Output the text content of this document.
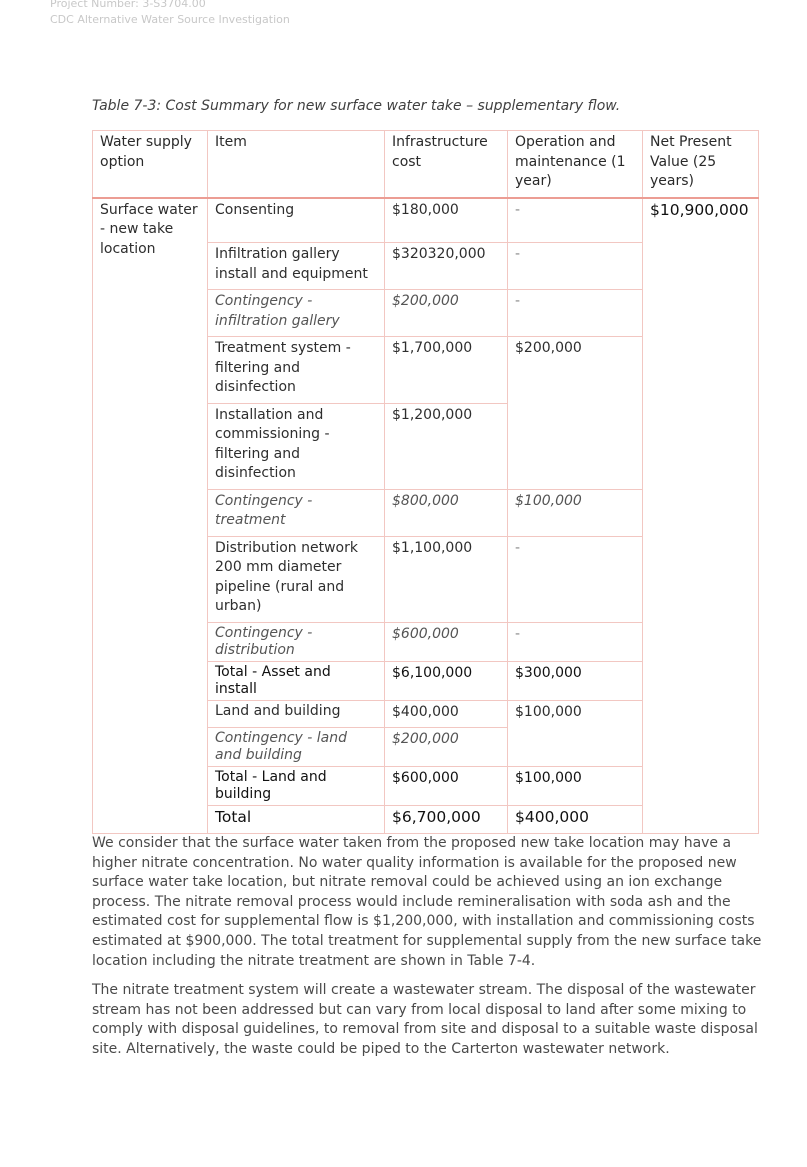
Project Number: 3-S3704.00
CDC Alternative Water Source Investigation
Table 7-3: Cost Summary for new surface water take – supplementary flow.
Water supply option	Item	Infrastructure cost	Operation and maintenance (1 year)	Net Present Value (25 years)
Surface water - new take location	Consenting	$180,000	-	$10,900,000
	Infiltration gallery install and equipment	$320320,000	-	
	Contingency - infiltration gallery	$200,000	-	
	Treatment system - filtering and disinfection	$1,700,000	$200,000	
	Installation and commissioning - filtering and disinfection	$1,200,000		
	Contingency - treatment	$800,000	$100,000	
	Distribution network 200 mm diameter pipeline (rural and urban)	$1,100,000	-	
	Contingency - distribution	$600,000	-	
	Total - Asset and install	$6,100,000	$300,000	
	Land and building	$400,000	$100,000	
	Contingency - land and building	$200,000		
	Total - Land and building	$600,000	$100,000	
	Total	$6,700,000	$400,000	
We consider that the surface water taken from the proposed new take location may have a higher nitrate concentration. No water quality information is available for the proposed new surface water take location, but nitrate removal could be achieved using an ion exchange process. The nitrate removal process would include remineralisation with soda ash and the estimated cost for supplemental flow is $1,200,000, with installation and commissioning costs estimated at $900,000. The total treatment for supplemental supply from the new surface take location including the nitrate treatment are shown in Table 7-4.
The nitrate treatment system will create a wastewater stream. The disposal of the wastewater stream has not been addressed but can vary from local disposal to land after some mixing to comply with disposal guidelines, to removal from site and disposal to a suitable waste disposal site. Alternatively, the waste could be piped to the Carterton wastewater network.
